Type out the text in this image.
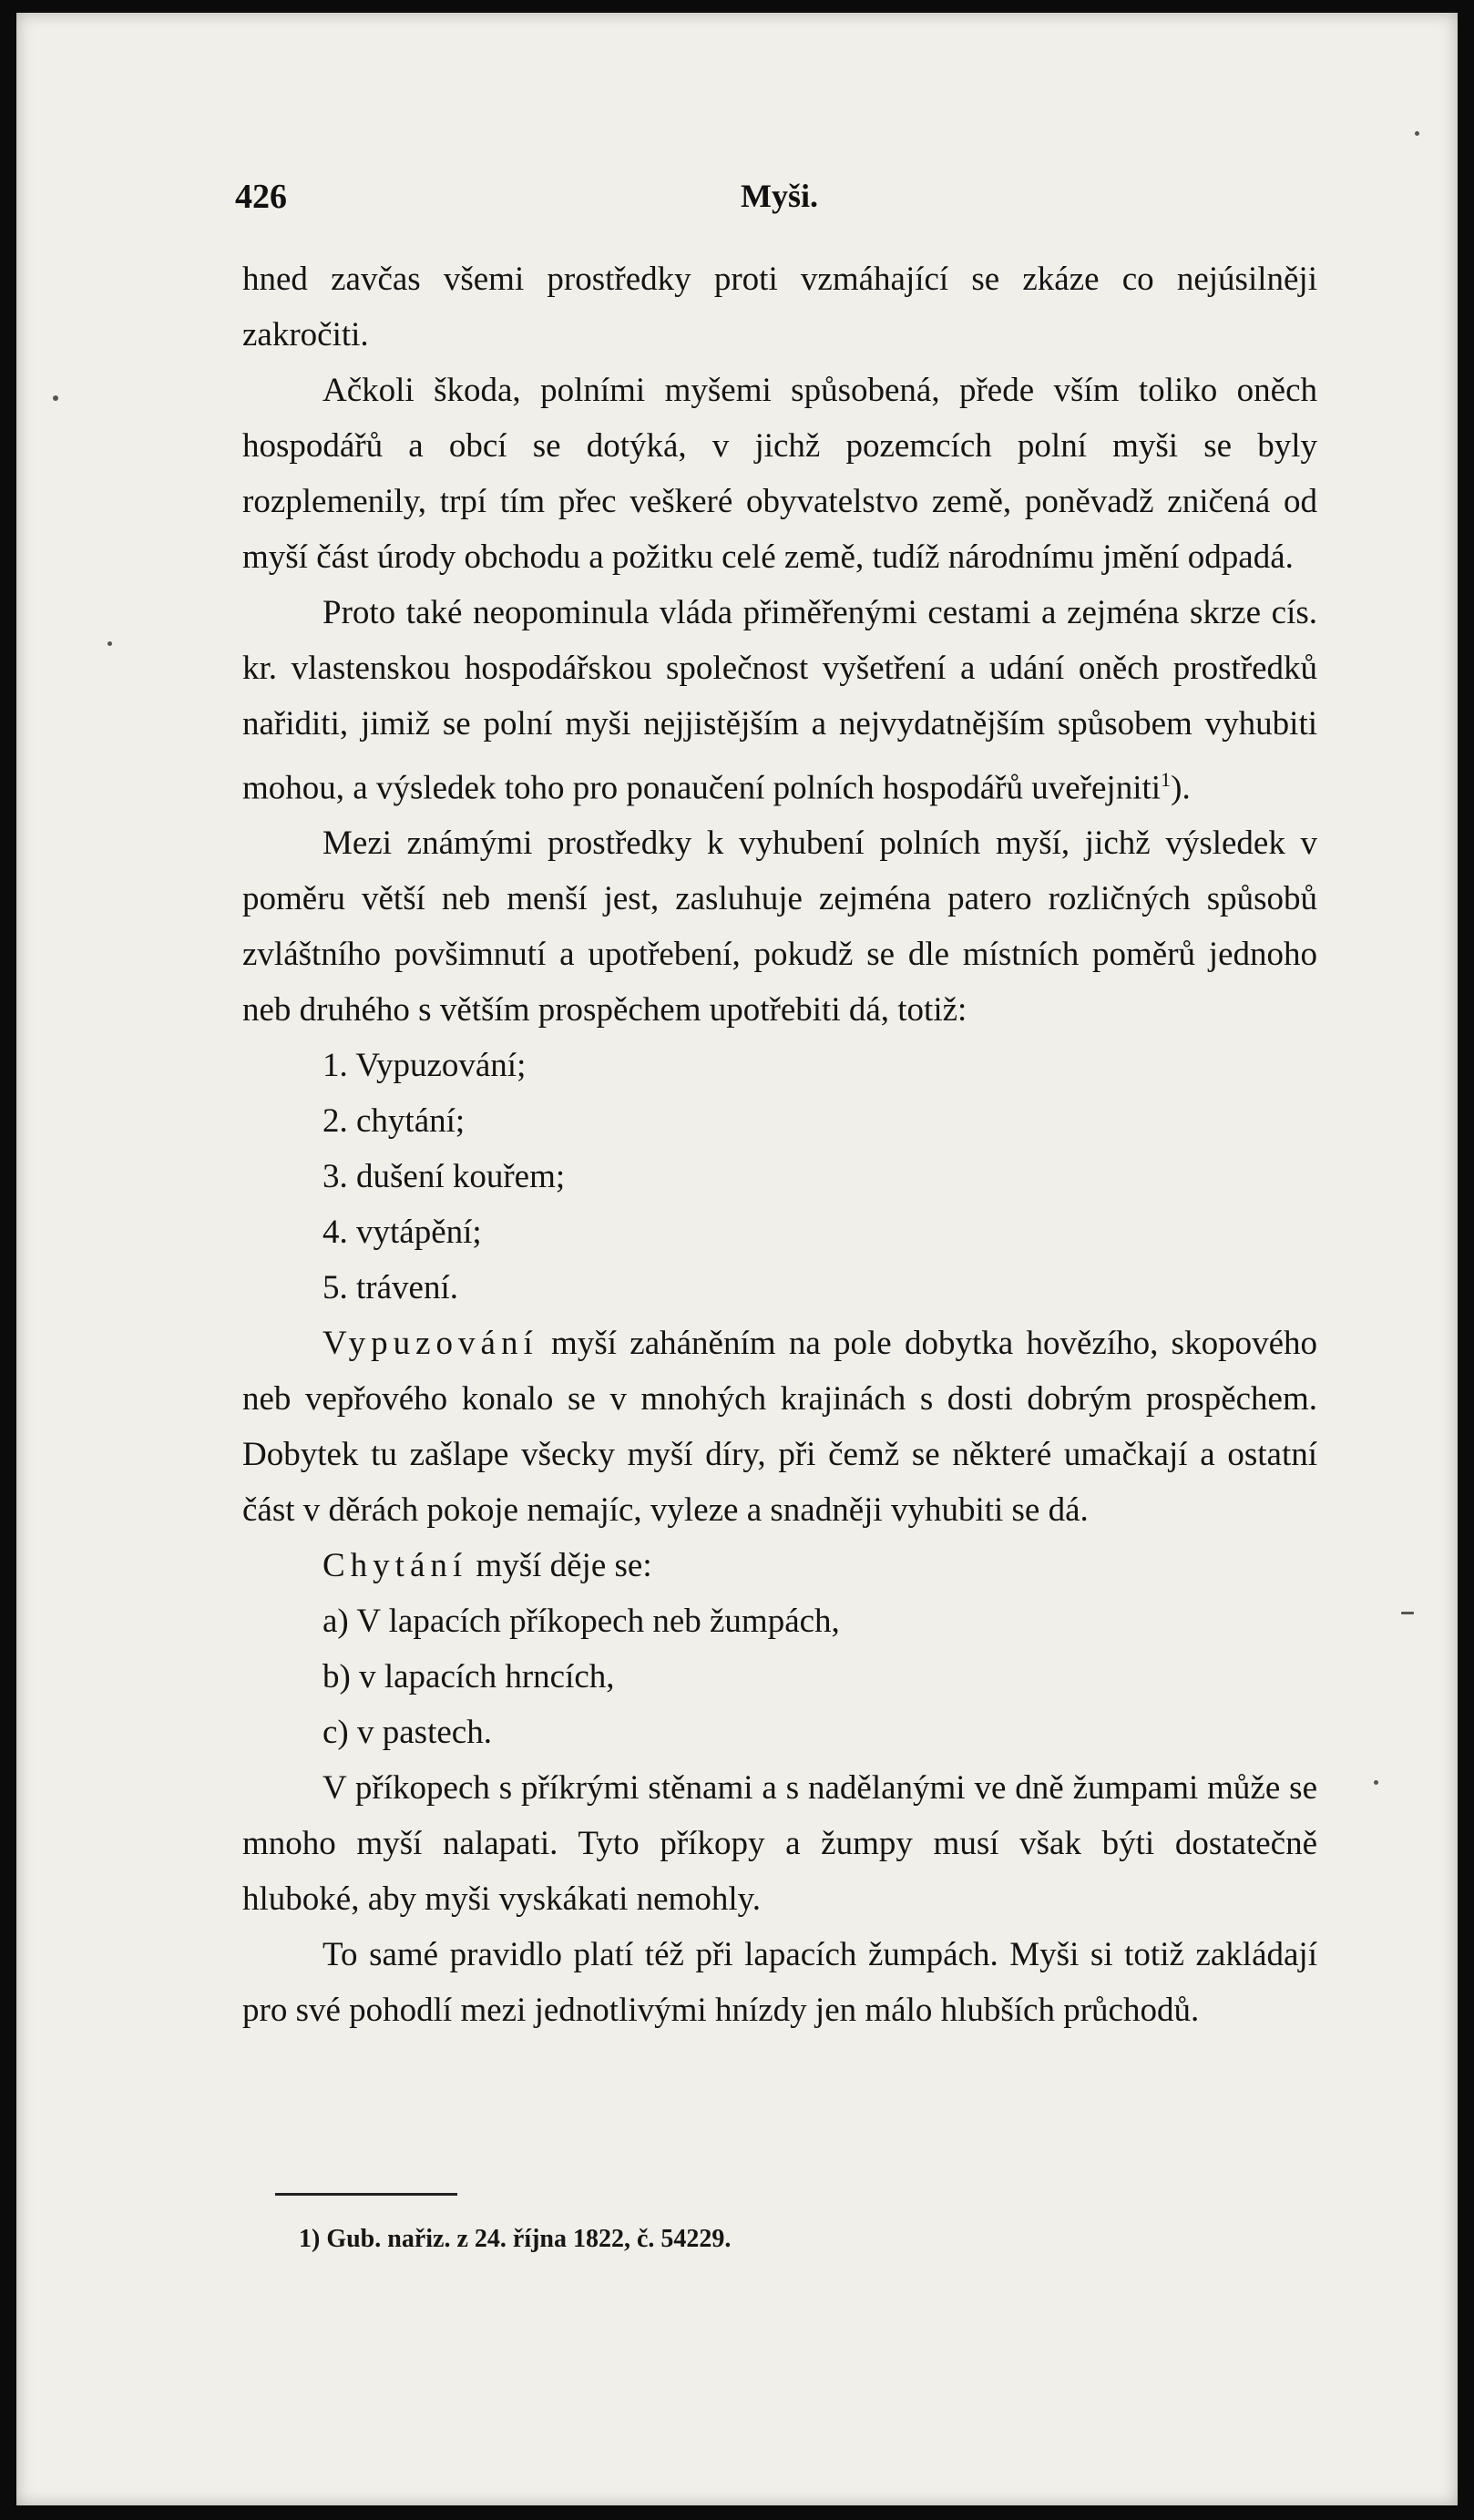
426	Myši.

hned zavčas všemi prostředky proti vzmáhající se zkáze co nejúsilněji zakročiti.

Ačkoli škoda, polními myšemi spůsobená, přede vším toliko oněch hospodářů a obcí se dotýká, v jichž pozemcích polní myši se byly rozplemenily, trpí tím přec veškeré obyvatelstvo země, poněvadž zničená od myší část úrody obchodu a požitku celé země, tudíž národnímu jmění odpadá.

Proto také neopominula vláda přiměřenými cestami a zejména skrze cís. kr. vlastenskou hospodářskou společnost vyšetření a udání oněch prostředků nařiditi, jimiž se polní myši nejjistějším a nejvydatnějším spůsobem vyhubiti mohou, a výsledek toho pro ponaučení polních hospodářů uveřejniti$^1$).

Mezi známými prostředky k vyhubení polních myší, jichž výsledek v poměru větší neb menší jest, zasluhuje zejména patero rozličných spůsobů zvláštního povšimnutí a upotřebení, pokudž se dle místních poměrů jednoho neb druhého s větším prospěchem upotřebiti dá, totiž:

1. Vypuzování;
2. chytání;
3. dušení kouřem;
4. vytápění;
5. trávení.

Vypuzování myší zaháněním na pole dobytka hovězího, skopového neb vepřového konalo se v mnohých krajinách s dosti dobrým prospěchem. Dobytek tu zašlape všecky myší díry, při čemž se některé umačkají a ostatní část v děrách pokoje nemajíc, vyleze a snadněji vyhubiti se dá.

Chytání myší děje se:

a) V lapacích příkopech neb žumpách,
b) v lapacích hrncích,
c) v pastech.

V příkopech s příkrými stěnami a s nadělanými ve dně žumpami může se mnoho myší nalapati. Tyto příkopy a žumpy musí však býti dostatečně hluboké, aby myši vyskákati nemohly.

To samé pravidlo platí též při lapacích žumpách. Myši si totiž zakládají pro své pohodlí mezi jednotlivými hnízdy jen málo hlubších průchodů.

1) Gub. nařiz. z 24. října 1822, č. 54229.
